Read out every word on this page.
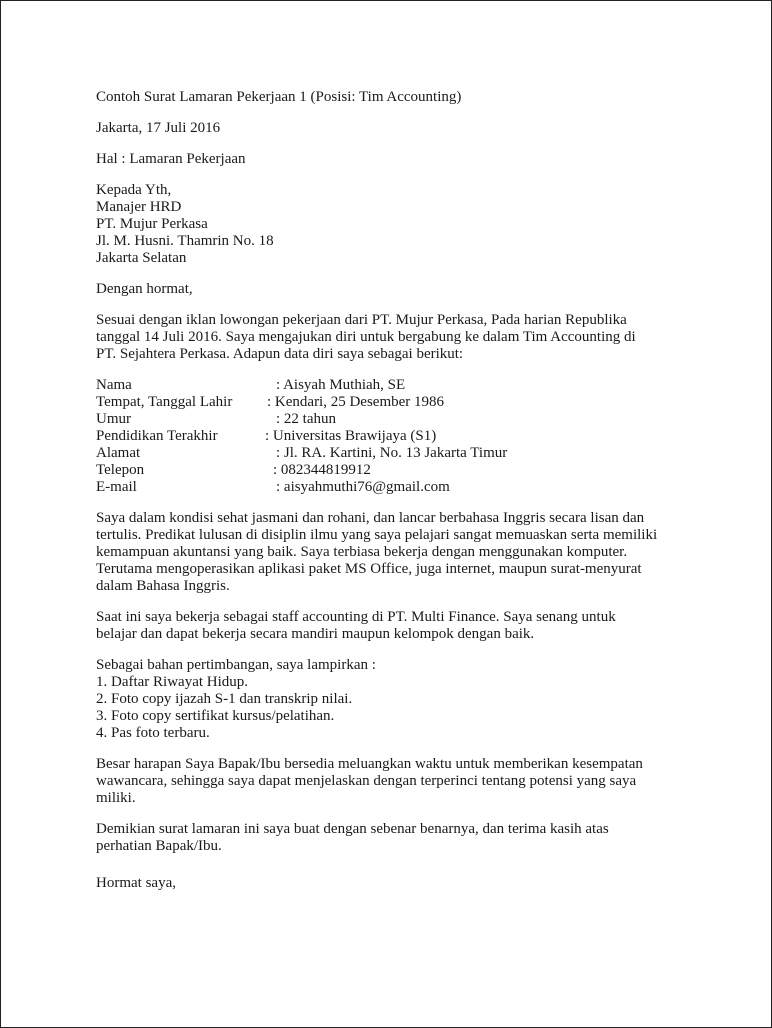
Contoh Surat Lamaran Pekerjaan 1 (Posisi: Tim Accounting)
Jakarta, 17 Juli 2016
Hal : Lamaran Pekerjaan
Kepada Yth,
Manajer HRD
PT. Mujur Perkasa
Jl. M. Husni. Thamrin No. 18
Jakarta Selatan
Dengan hormat,
Sesuai dengan iklan lowongan pekerjaan dari PT. Mujur Perkasa, Pada harian Republika
tanggal 14 Juli 2016. Saya mengajukan diri untuk bergabung ke dalam Tim Accounting di
PT. Sejahtera Perkasa. Adapun data diri saya sebagai berikut:
Nama	: Aisyah Muthiah, SE
Tempat, Tanggal Lahir : Kendari, 25 Desember 1986
Umur	: 22 tahun
Pendidikan Terakhir	: Universitas Brawijaya (S1)
Alamat	: Jl. RA. Kartini, No. 13 Jakarta Timur
Telepon	: 082344819912
E-mail	: aisyahmuthi76@gmail.com
Saya dalam kondisi sehat jasmani dan rohani, dan lancar berbahasa Inggris secara lisan dan
tertulis. Predikat lulusan di disiplin ilmu yang saya pelajari sangat memuaskan serta memiliki
kemampuan akuntansi yang baik. Saya terbiasa bekerja dengan menggunakan komputer.
Terutama mengoperasikan aplikasi paket MS Office, juga internet, maupun surat-menyurat
dalam Bahasa Inggris.
Saat ini saya bekerja sebagai staff accounting di PT. Multi Finance. Saya senang untuk
belajar dan dapat bekerja secara mandiri maupun kelompok dengan baik.
Sebagai bahan pertimbangan, saya lampirkan :
1. Daftar Riwayat Hidup.
2. Foto copy ijazah S-1 dan transkrip nilai.
3. Foto copy sertifikat kursus/pelatihan.
4. Pas foto terbaru.
Besar harapan Saya Bapak/Ibu bersedia meluangkan waktu untuk memberikan kesempatan
wawancara, sehingga saya dapat menjelaskan dengan terperinci tentang potensi yang saya
miliki.
Demikian surat lamaran ini saya buat dengan sebenar benarnya, dan terima kasih atas
perhatian Bapak/Ibu.
Hormat saya,
